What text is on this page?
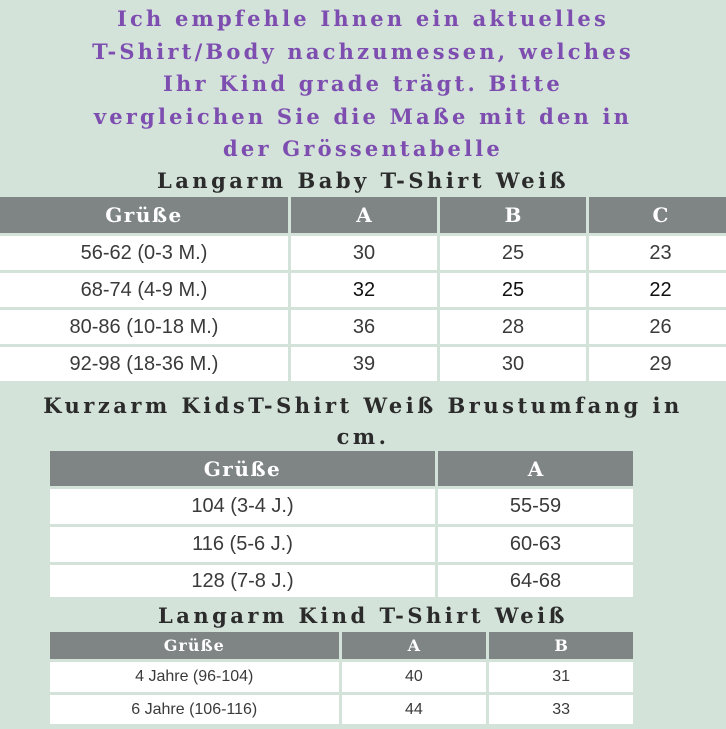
Ich empfehle Ihnen ein aktuelles
T-Shirt/Body nachzumessen, welches
Ihr Kind grade trägt. Bitte
vergleichen Sie die Maße mit den in
der Grössentabelle
Langarm Baby T-Shirt Weiß
Grüße	A	B	C

56-62 (0-3 M.)	30	25	23

68-74 (4-9 M.)	32	25	22

80-86 (10-18 M.)	36	28	26

92-98 (18-36 M.)	39	30	29
Kurzarm KidsT-Shirt Weiß Brustumfang in
cm.
Grüße	A

104 (3-4 J.)	55-59

116 (5-6 J.)	60-63

128 (7-8 J.)	64-68
Langarm Kind T-Shirt Weiß
Grüße	A	B

4 Jahre (96-104)	40	31

6 Jahre (106-116)	44	33
